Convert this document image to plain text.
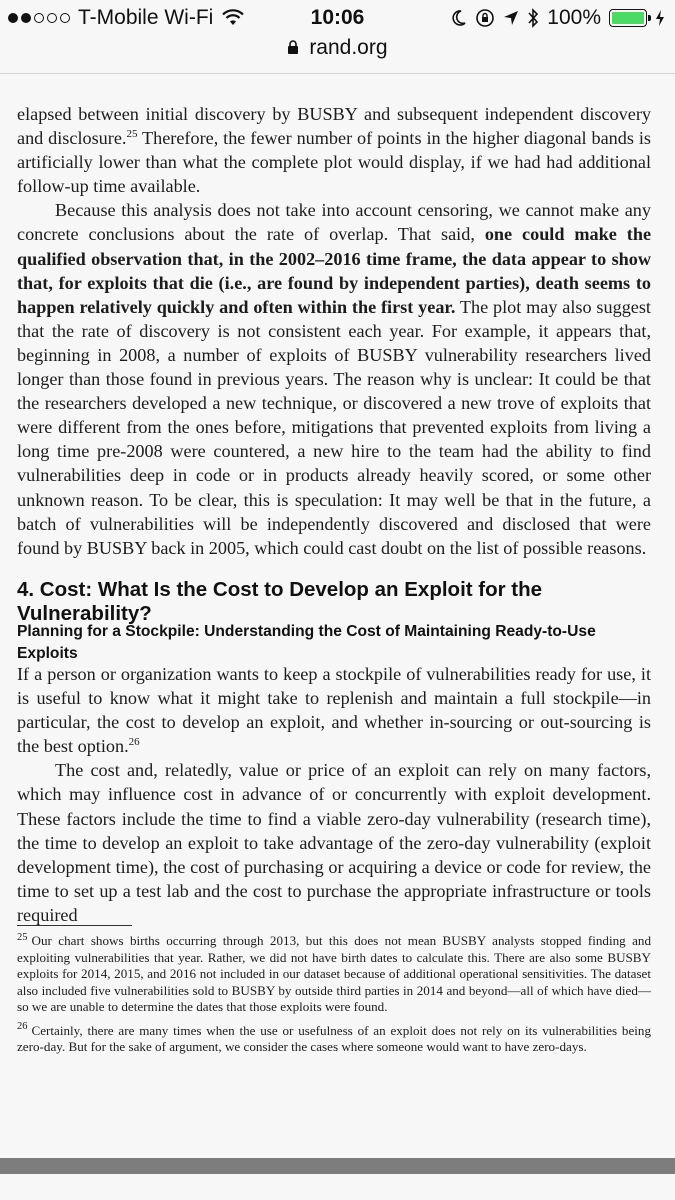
T-Mobile Wi-Fi	10:06	100%
rand.org

elapsed between initial discovery by BUSBY and subsequent independent discovery and disclosure.$^{25}$ Therefore, the fewer number of points in the higher diagonal bands is artificially lower than what the complete plot would display, if we had had additional follow-up time available.

Because this analysis does not take into account censoring, we cannot make any concrete conclusions about the rate of overlap. That said, one could make the qualified observation that, in the 2002–2016 time frame, the data appear to show that, for exploits that die (i.e., are found by independent parties), death seems to happen relatively quickly and often within the first year. The plot may also suggest that the rate of discovery is not consistent each year. For example, it appears that, beginning in 2008, a number of exploits of BUSBY vulnerability researchers lived longer than those found in previous years. The reason why is unclear: It could be that the researchers developed a new technique, or discovered a new trove of exploits that were different from the ones before, mitigations that prevented exploits from living a long time pre-2008 were countered, a new hire to the team had the ability to find vulnerabilities deep in code or in products already heavily scored, or some other unknown reason. To be clear, this is speculation: It may well be that in the future, a batch of vulnerabilities will be independently discovered and disclosed that were found by BUSBY back in 2005, which could cast doubt on the list of possible reasons.

4. Cost: What Is the Cost to Develop an Exploit for the Vulnerability?
Planning for a Stockpile: Understanding the Cost of Maintaining Ready-to-Use Exploits

If a person or organization wants to keep a stockpile of vulnerabilities ready for use, it is useful to know what it might take to replenish and maintain a full stockpile—in particular, the cost to develop an exploit, and whether in-sourcing or out-sourcing is the best option.$^{26}$

The cost and, relatedly, value or price of an exploit can rely on many factors, which may influence cost in advance of or concurrently with exploit development. These factors include the time to find a viable zero-day vulnerability (research time), the time to develop an exploit to take advantage of the zero-day vulnerability (exploit development time), the cost of purchasing or acquiring a device or code for review, the time to set up a test lab and the cost to purchase the appropriate infrastructure or tools required

$^{25}$ Our chart shows births occurring through 2013, but this does not mean BUSBY analysts stopped finding and exploiting vulnerabilities that year. Rather, we did not have birth dates to calculate this. There are also some BUSBY exploits for 2014, 2015, and 2016 not included in our dataset because of additional operational sensitivities. The dataset also included five vulnerabilities sold to BUSBY by outside third parties in 2014 and beyond—all of which have died—so we are unable to determine the dates that those exploits were found.

$^{26}$ Certainly, there are many times when the use or usefulness of an exploit does not rely on its vulnerabilities being zero-day. But for the sake of argument, we consider the cases where someone would want to have zero-days.
